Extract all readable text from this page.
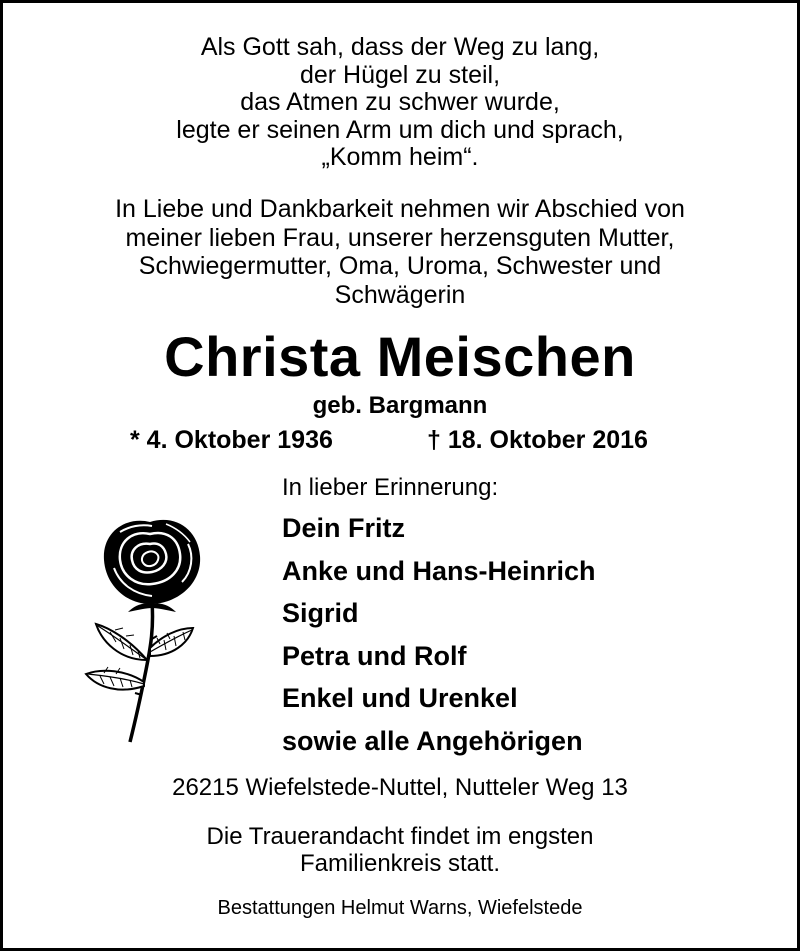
Als Gott sah, dass der Weg zu lang,
der Hügel zu steil,
das Atmen zu schwer wurde,
legte er seinen Arm um dich und sprach,
„Komm heim“.
In Liebe und Dankbarkeit nehmen wir Abschied von
meiner lieben Frau, unserer herzensguten Mutter,
Schwiegermutter, Oma, Uroma, Schwester und
Schwägerin
Christa Meischen
geb. Bargmann
* 4. Oktober 1936	† 18. Oktober 2016
In lieber Erinnerung:
Dein Fritz
Anke und Hans-Heinrich
Sigrid
Petra und Rolf
Enkel und Urenkel
sowie alle Angehörigen
26215 Wiefelstede-Nuttel, Nutteler Weg 13
Die Trauerandacht findet im engsten
Familienkreis statt.
Bestattungen Helmut Warns, Wiefelstede
